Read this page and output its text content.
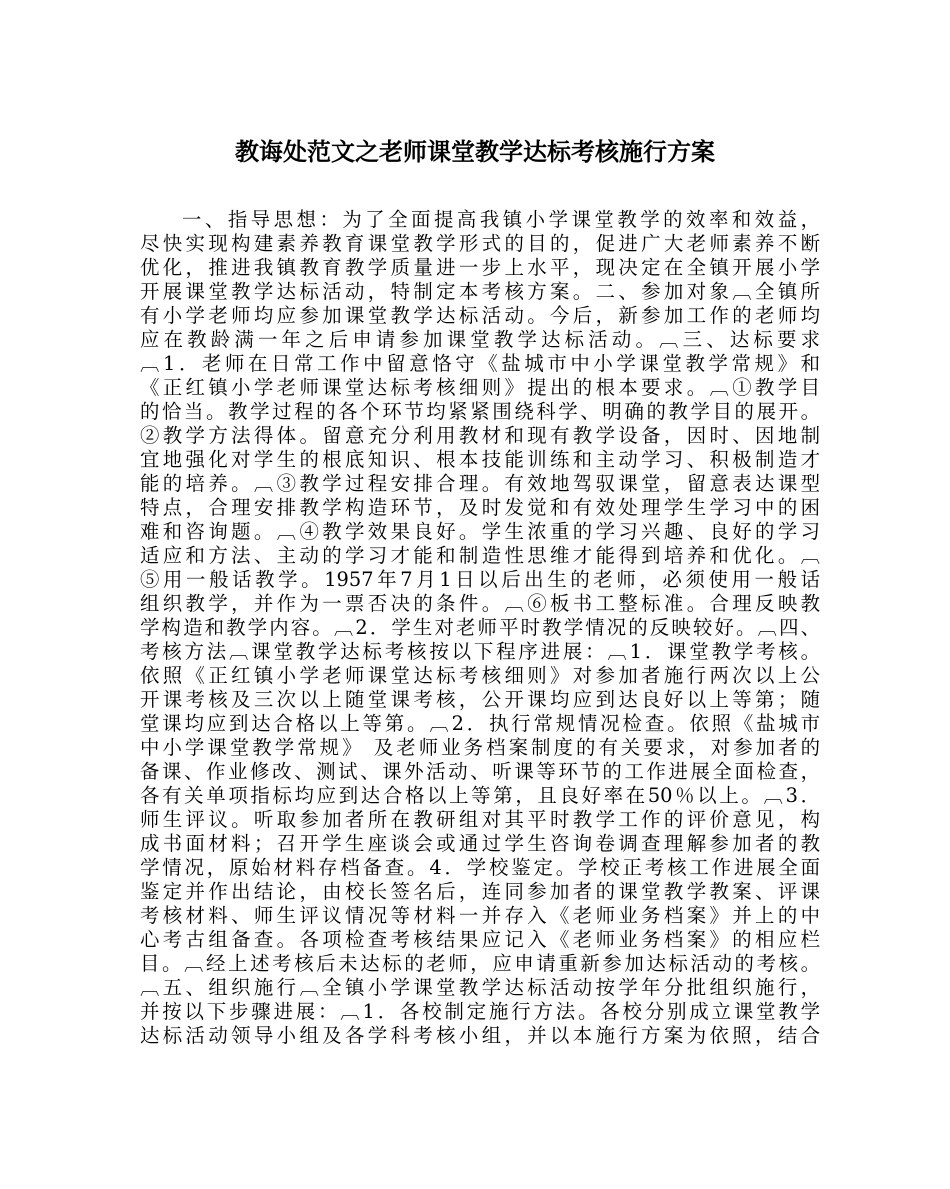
教诲处范文之老师课堂教学达标考核施行方案
一、指导思想：为了全面提高我镇小学课堂教学的效率和效益，
尽快实现构建素养教育课堂教学形式的目的，促进广大老师素养不断
优化，推进我镇教育教学质量进一步上水平，现决定在全镇开展小学
开展课堂教学达标活动，特制定本考核方案。二、参加对象︹全镇所
有小学老师均应参加课堂教学达标活动。今后，新参加工作的老师均
应在教龄满一年之后申请参加课堂教学达标活动。︹三、达标要求
︹1．老师在日常工作中留意恪守《盐城市中小学课堂教学常规》和
《正红镇小学老师课堂达标考核细则》提出的根本要求。︹①教学目
的恰当。教学过程的各个环节均紧紧围绕科学、明确的教学目的展开。
②教学方法得体。留意充分利用教材和现有教学设备，因时、因地制
宜地强化对学生的根底知识、根本技能训练和主动学习、积极制造才
能的培养。︹③教学过程安排合理。有效地驾驭课堂，留意表达课型
特点，合理安排教学构造环节，及时发觉和有效处理学生学习中的困
难和咨询题。︹④教学效果良好。学生浓重的学习兴趣、良好的学习
适应和方法、主动的学习才能和制造性思维才能得到培养和优化。︹
⑤用一般话教学。1957年7月1日以后出生的老师，必须使用一般话
组织教学，并作为一票否决的条件。︹⑥板书工整标准。合理反映教
学构造和教学内容。︹2．学生对老师平时教学情况的反映较好。︹四、
考核方法︹课堂教学达标考核按以下程序进展：︹1．课堂教学考核。
依照《正红镇小学老师课堂达标考核细则》对参加者施行两次以上公
开课考核及三次以上随堂课考核，公开课均应到达良好以上等第；随
堂课均应到达合格以上等第。︹2．执行常规情况检查。依照《盐城市
中小学课堂教学常规》 及老师业务档案制度的有关要求，对参加者的
备课、作业修改、测试、课外活动、听课等环节的工作进展全面检查，
各有关单项指标均应到达合格以上等第，且良好率在50％以上。︹3．
师生评议。听取参加者所在教研组对其平时教学工作的评价意见，构
成书面材料；召开学生座谈会或通过学生咨询卷调查理解参加者的教
学情况，原始材料存档备查。4．学校鉴定。学校正考核工作进展全面
鉴定并作出结论，由校长签名后，连同参加者的课堂教学教案、评课
考核材料、师生评议情况等材料一并存入《老师业务档案》并上的中
心考古组备查。各项检查考核结果应记入《老师业务档案》的相应栏
目。︹经上述考核后未达标的老师，应申请重新参加达标活动的考核。
︹五、组织施行︹全镇小学课堂教学达标活动按学年分批组织施行，
并按以下步骤进展：︹1．各校制定施行方法。各校分别成立课堂教学
达标活动领导小组及各学科考核小组，并以本施行方案为依照，结合
